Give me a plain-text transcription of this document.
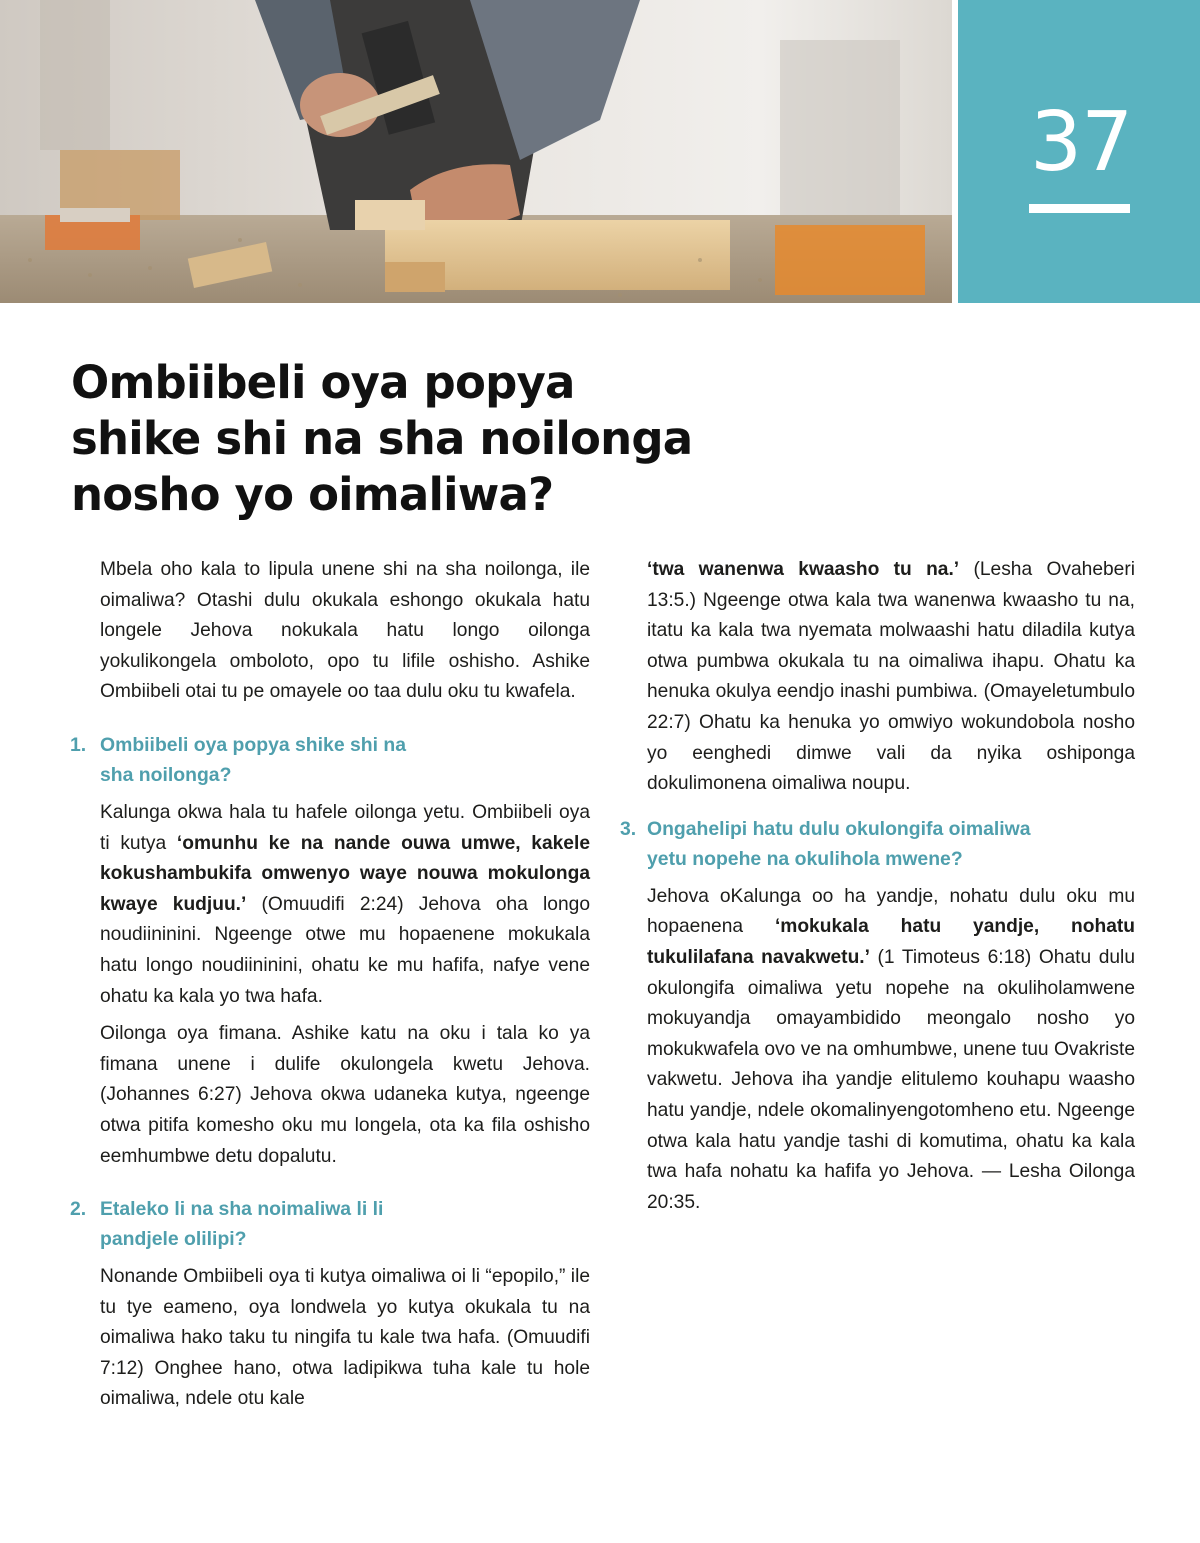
37
Ombiibeli oya popya
shike shi na sha noilonga
nosho yo oimaliwa?

Mbela oho kala to lipula unene shi na sha noilonga, ile oimaliwa? Otashi dulu okukala eshongo okukala hatu longele Jehova nokukala hatu longo oilonga yokulikongela omboloto, opo tu lifile oshisho. Ashike Ombiibeli otai tu pe omayele oo taa dulu oku tu kwafela.

1. Ombiibeli oya popya shike shi na
sha noilonga?

Kalunga okwa hala tu hafele oilonga yetu. Ombiibeli oya ti kutya ‘omunhu ke na nande ouwa umwe, kakele kokushambukifa omwenyo waye nouwa mokulonga kwaye kudjuu.’ (Omuudifi 2:24) Jehova oha longo noudiininini. Ngeenge otwe mu hopaenene mokukala hatu longo noudiininini, ohatu ke mu hafifa, nafye vene ohatu ka kala yo twa hafa.

Oilonga oya fimana. Ashike katu na oku i tala ko ya fimana unene i dulife okulongela kwetu Jehova. (Johannes 6:27) Jehova okwa udaneka kutya, ngeenge otwa pitifa komesho oku mu longela, ota ka fila oshisho eemhumbwe detu dopalutu.

2. Etaleko li na sha noimaliwa li li
pandjele olilipi?

Nonande Ombiibeli oya ti kutya oimaliwa oi li “epopilo,” ile tu tye eameno, oya londwela yo kutya okukala tu na oimaliwa hako taku tu ningifa tu kale twa hafa. (Omuudifi 7:12) Onghee hano, otwa ladipikwa tuha kale tu hole oimaliwa, ndele otu kale

‘twa wanenwa kwaasho tu na.’ (Lesha Ovaheberi 13:5.) Ngeenge otwa kala twa wanenwa kwaasho tu na, itatu ka kala twa nyemata molwaashi hatu diladila kutya otwa pumbwa okukala tu na oimaliwa ihapu. Ohatu ka henuka okulya eendjo inashi pumbiwa. (Omayeletumbulo 22:7) Ohatu ka henuka yo omwiyo wokundobola nosho yo eenghedi dimwe vali da nyika oshiponga dokulimonena oimaliwa noupu.

3. Ongahelipi hatu dulu okulongifa oimaliwa
yetu nopehe na okulihola mwene?

Jehova oKalunga oo ha yandje, nohatu dulu oku mu hopaenena ‘mokukala hatu yandje, nohatu tukulilafana navakwetu.’ (1 Timoteus 6:18) Ohatu dulu okulongifa oimaliwa yetu nopehe na okuliholamwene mokuyandja omayambidido meongalo nosho yo mokukwafela ovo ve na omhumbwe, unene tuu Ovakriste vakwetu. Jehova iha yandje elitulemo kouhapu waasho hatu yandje, ndele okomalinyengotomheno etu. Ngeenge otwa kala hatu yandje tashi di komutima, ohatu ka kala twa hafa nohatu ka hafifa yo Jehova. — Lesha Oilonga 20:35.
